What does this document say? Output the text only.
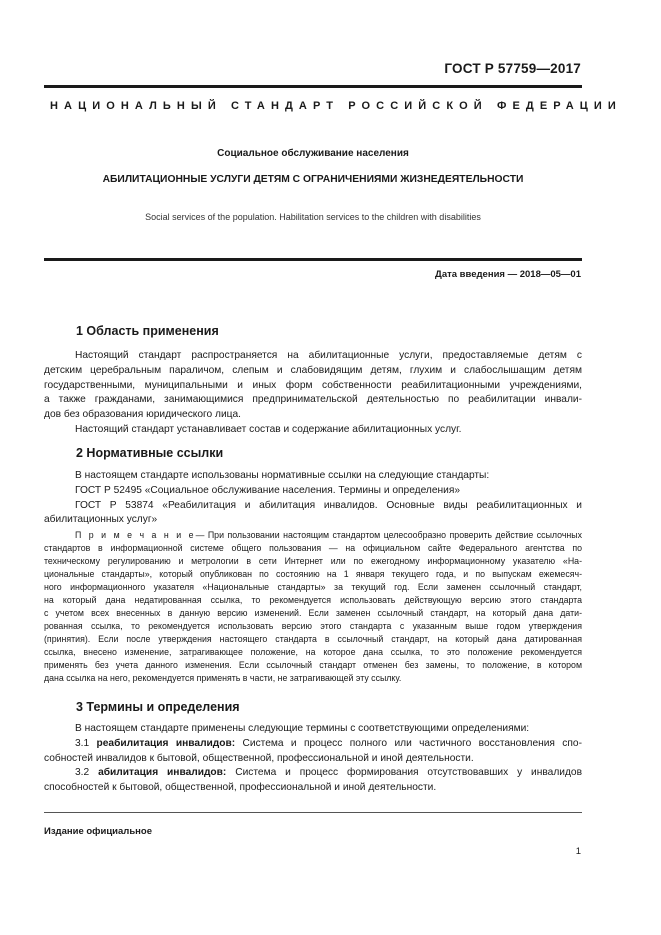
ГОСТ Р 57759—2017
НАЦИОНАЛЬНЫЙ СТАНДАРТ РОССИЙСКОЙ ФЕДЕРАЦИИ
Социальное обслуживание населения
АБИЛИТАЦИОННЫЕ УСЛУГИ ДЕТЯМ С ОГРАНИЧЕНИЯМИ ЖИЗНЕДЕЯТЕЛЬНОСТИ
Social services of the population. Habilitation services to the children with disabilities
Дата введения — 2018—05—01
1 Область применения
Настоящий стандарт распространяется на абилитационные услуги, предоставляемые детям с
детским церебральным параличом, слепым и слабовидящим детям, глухим и слабослышащим детям
государственными, муниципальными и иных форм собственности реабилитационными учреждениями,
а также гражданами, занимающимися предпринимательской деятельностью по реабилитации инвали-
дов без образования юридического лица.
Настоящий стандарт устанавливает состав и содержание абилитационных услуг.
2 Нормативные ссылки
В настоящем стандарте использованы нормативные ссылки на следующие стандарты:
ГОСТ Р 52495 «Социальное обслуживание населения. Термины и определения»
ГОСТ Р 53874 «Реабилитация и абилитация инвалидов. Основные виды реабилитационных и
абилитационных услуг»
П р и м е ч а н и е— При пользовании настоящим стандартом целесообразно проверить действие ссылочных
стандартов в информационной системе общего пользования — на официальном сайте Федерального агентства по
техническому регулированию и метрологии в сети Интернет или по ежегодному информационному указателю «На-
циональные стандарты», который опубликован по состоянию на 1 января текущего года, и по выпускам ежемесяч-
ного информационного указателя «Национальные стандарты» за текущий год. Если заменен ссылочный стандарт,
на который дана недатированная ссылка, то рекомендуется использовать действующую версию этого стандарта
с учетом всех внесенных в данную версию изменений. Если заменен ссылочный стандарт, на который дана дати-
рованная ссылка, то рекомендуется использовать версию этого стандарта с указанным выше годом утверждения
(принятия). Если после утверждения настоящего стандарта в ссылочный стандарт, на который дана датированная
ссылка, внесено изменение, затрагивающее положение, на которое дана ссылка, то это положение рекомендуется
применять без учета данного изменения. Если ссылочный стандарт отменен без замены, то положение, в котором
дана ссылка на него, рекомендуется применять в части, не затрагивающей эту ссылку.
3 Термины и определения
В настоящем стандарте применены следующие термины с соответствующими определениями:
3.1 реабилитация инвалидов: Система и процесс полного или частичного восстановления спо-
собностей инвалидов к бытовой, общественной, профессиональной и иной деятельности.
3.2 абилитация инвалидов: Система и процесс формирования отсутствовавших у инвалидов
способностей к бытовой, общественной, профессиональной и иной деятельности.
Издание официальное
1
